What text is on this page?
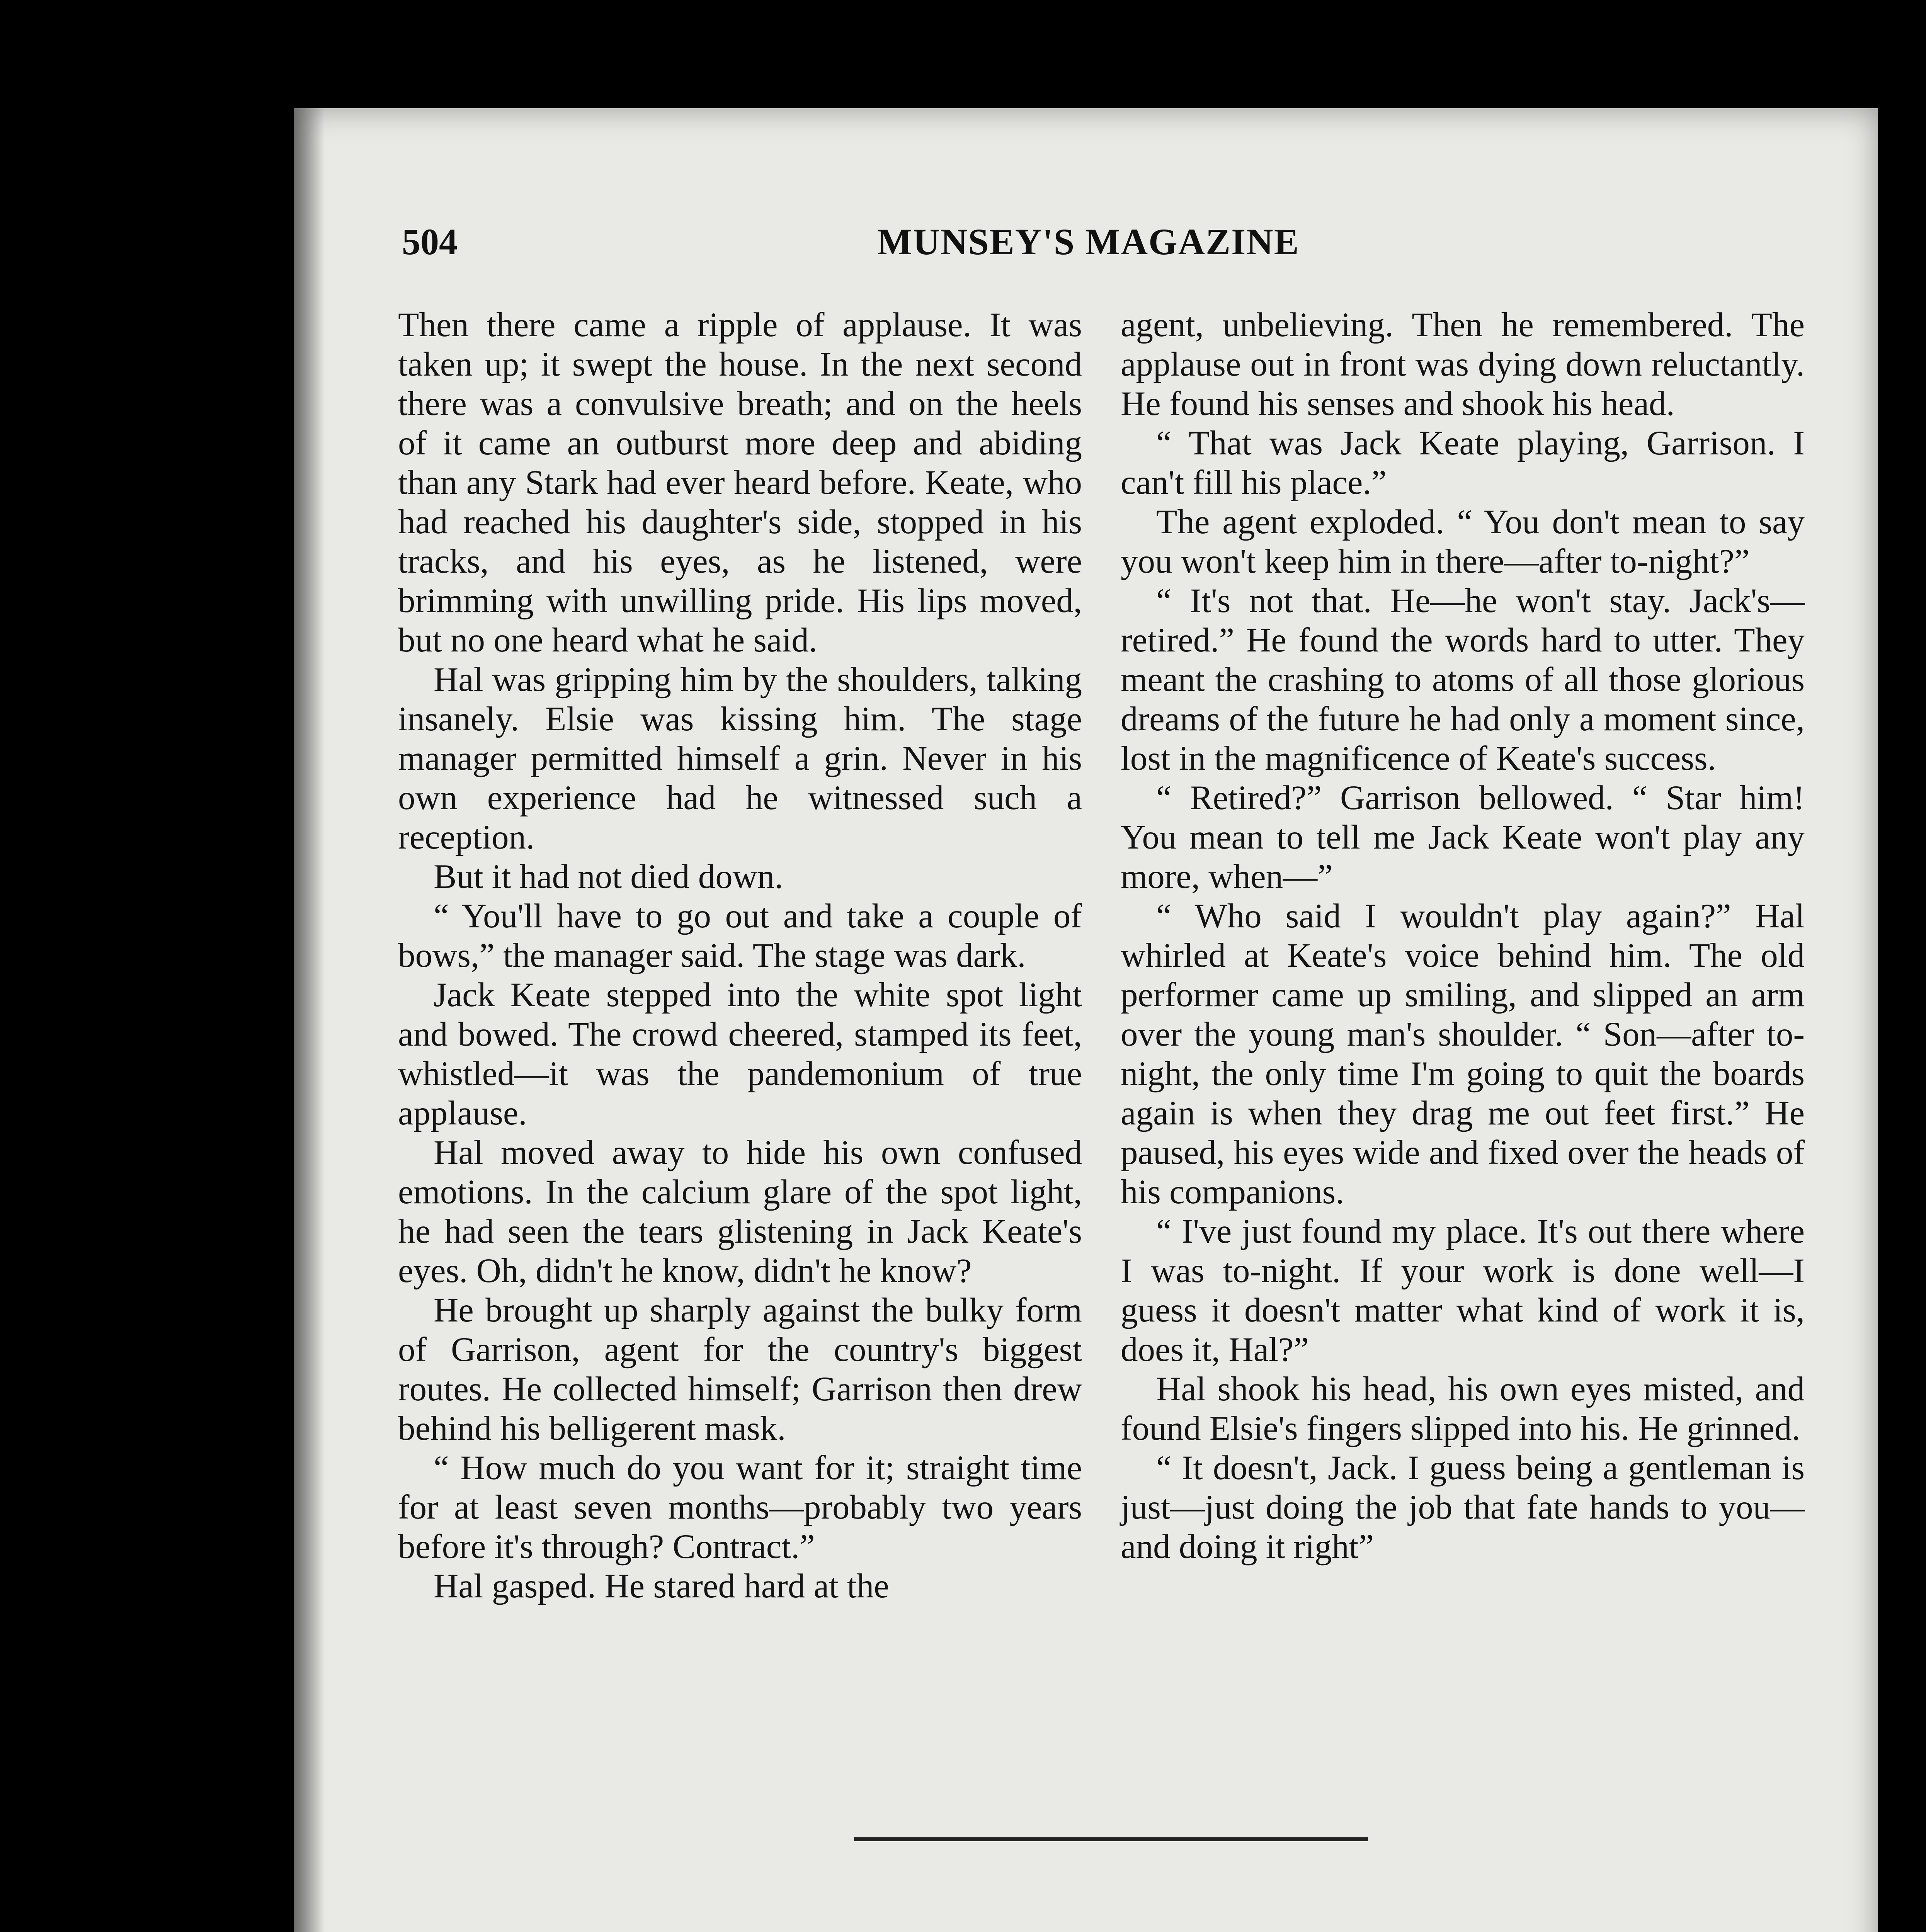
504	MUNSEY'S MAGAZINE

Then there came a ripple of applause. It was taken up; it swept the house. In the next second there was a convulsive breath; and on the heels of it came an outburst more deep and abiding than any Stark had ever heard before. Keate, who had reached his daughter's side, stopped in his tracks, and his eyes, as he listened, were brimming with unwilling pride. His lips moved, but no one heard what he said.

Hal was gripping him by the shoulders, talking insanely. Elsie was kissing him. The stage manager permitted himself a grin. Never in his own experience had he witnessed such a reception.

But it had not died down.

“ You'll have to go out and take a couple of bows,” the manager said. The stage was dark.

Jack Keate stepped into the white spot light and bowed. The crowd cheered, stamped its feet, whistled—it was the pandemonium of true applause.

Hal moved away to hide his own confused emotions. In the calcium glare of the spot light, he had seen the tears glistening in Jack Keate's eyes. Oh, didn't he know, didn't he know?

He brought up sharply against the bulky form of Garrison, agent for the country's biggest routes. He collected himself; Garrison then drew behind his belligerent mask.

“ How much do you want for it; straight time for at least seven months—probably two years before it's through? Contract.”

Hal gasped. He stared hard at the

agent, unbelieving. Then he remembered. The applause out in front was dying down reluctantly. He found his senses and shook his head.

“ That was Jack Keate playing, Garrison. I can't fill his place.”

The agent exploded. “ You don't mean to say you won't keep him in there—after to-night?”

“ It's not that. He—he won't stay. Jack's—retired.” He found the words hard to utter. They meant the crashing to atoms of all those glorious dreams of the future he had only a moment since, lost in the magnificence of Keate's success.

“ Retired?” Garrison bellowed. “ Star him! You mean to tell me Jack Keate won't play any more, when—”

“ Who said I wouldn't play again?” Hal whirled at Keate's voice behind him. The old performer came up smiling, and slipped an arm over the young man's shoulder. “ Son—after to-night, the only time I'm going to quit the boards again is when they drag me out feet first.” He paused, his eyes wide and fixed over the heads of his companions.

“ I've just found my place. It's out there where I was to-night. If your work is done well—I guess it doesn't matter what kind of work it is, does it, Hal?”

Hal shook his head, his own eyes misted, and found Elsie's fingers slipped into his. He grinned.

“ It doesn't, Jack. I guess being a gentleman is just—just doing the job that fate hands to you—and doing it right”
